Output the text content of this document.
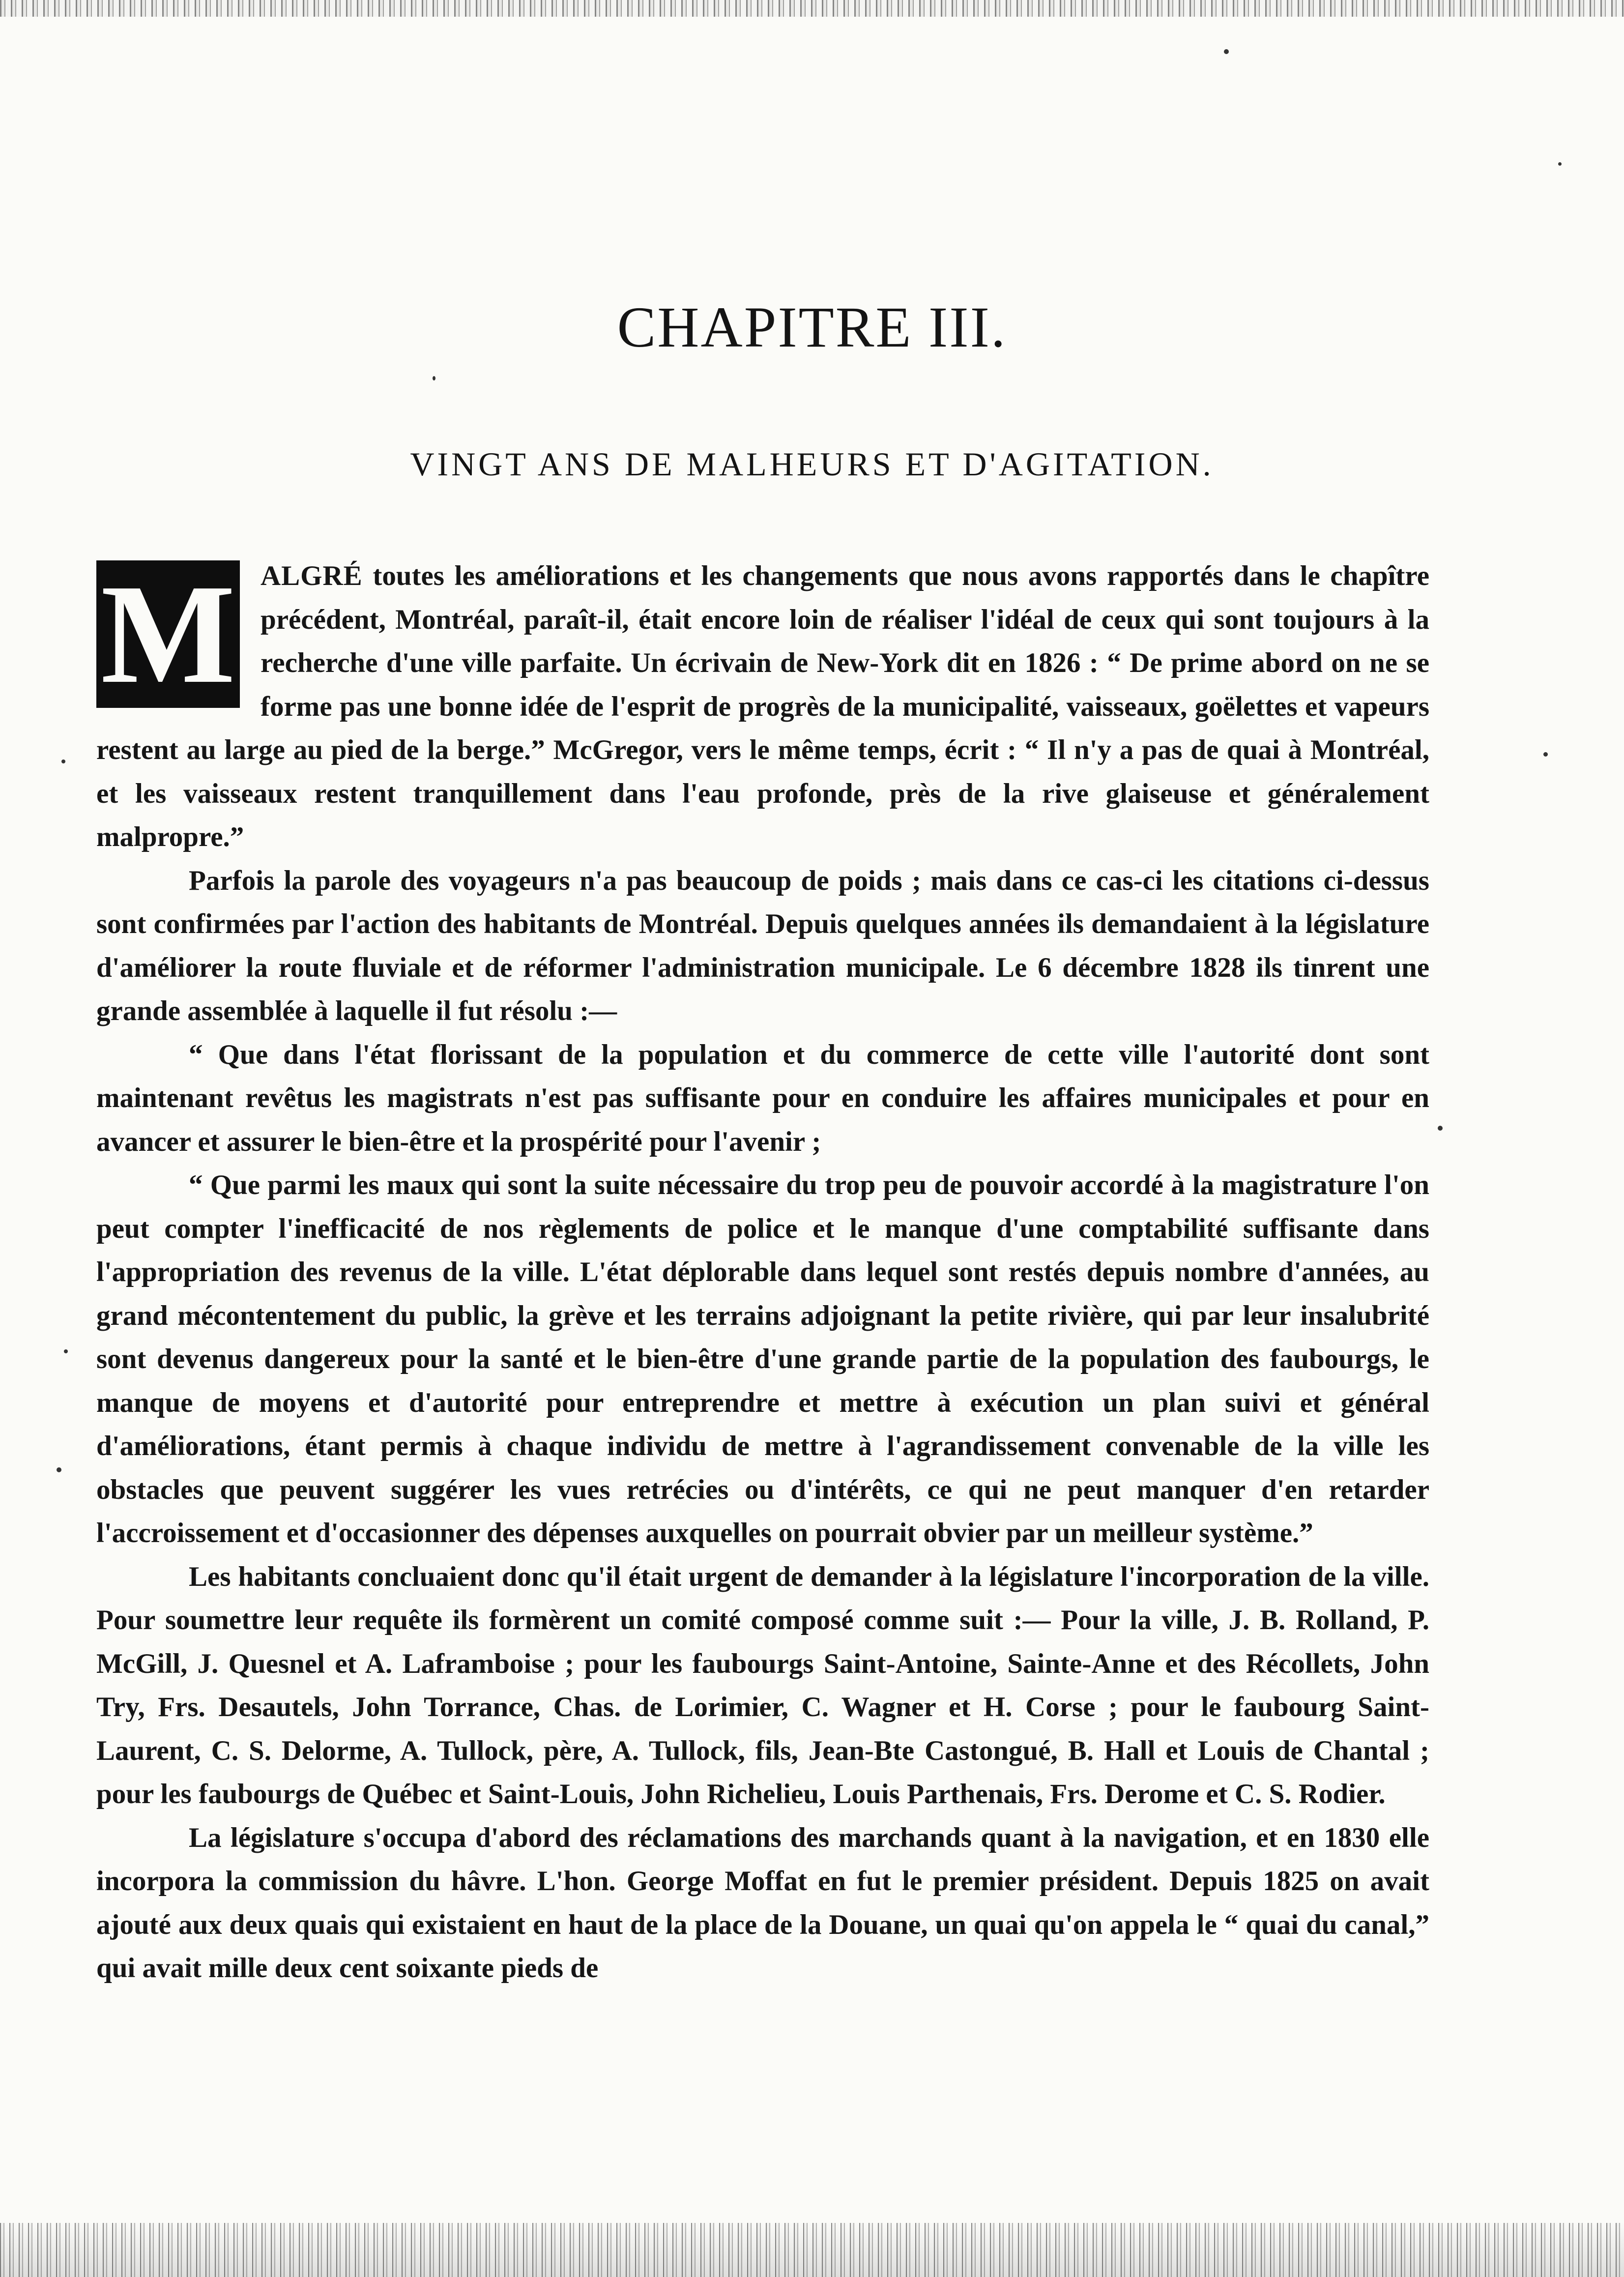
CHAPITRE III.
VINGT ANS DE MALHEURS ET D'AGITATION.

M ALGRÉ toutes les améliorations et les changements que nous avons rapportés dans le chapître précédent, Montréal, paraît-il, était encore loin de réaliser l'idéal de ceux qui sont toujours à la recherche d'une ville parfaite. Un écrivain de New-York dit en 1826 : “ De prime abord on ne se forme pas une bonne idée de l'esprit de progrès de la municipalité, vaisseaux, goëlettes et vapeurs restent au large au pied de la berge.” McGregor, vers le même temps, écrit : “ Il n'y a pas de quai à Montréal, et les vaisseaux restent tranquillement dans l'eau profonde, près de la rive glaiseuse et généralement malpropre.”

Parfois la parole des voyageurs n'a pas beaucoup de poids ; mais dans ce cas-ci les citations ci-dessus sont confirmées par l'action des habitants de Montréal. Depuis quelques années ils demandaient à la législature d'améliorer la route fluviale et de réformer l'administration municipale. Le 6 décembre 1828 ils tinrent une grande assemblée à laquelle il fut résolu :—

“ Que dans l'état florissant de la population et du commerce de cette ville l'autorité dont sont maintenant revêtus les magistrats n'est pas suffisante pour en conduire les affaires municipales et pour en avancer et assurer le bien-être et la prospérité pour l'avenir ;

“ Que parmi les maux qui sont la suite nécessaire du trop peu de pouvoir accordé à la magistrature l'on peut compter l'inefficacité de nos règlements de police et le manque d'une comptabilité suffisante dans l'appropriation des revenus de la ville. L'état déplorable dans lequel sont restés depuis nombre d'années, au grand mécontentement du public, la grève et les terrains adjoignant la petite rivière, qui par leur insalubrité sont devenus dangereux pour la santé et le bien-être d'une grande partie de la population des faubourgs, le manque de moyens et d'autorité pour entreprendre et mettre à exécution un plan suivi et général d'améliorations, étant permis à chaque individu de mettre à l'agrandissement convenable de la ville les obstacles que peuvent suggérer les vues retrécies ou d'intérêts, ce qui ne peut manquer d'en retarder l'accroissement et d'occasionner des dépenses auxquelles on pourrait obvier par un meilleur système.”

Les habitants concluaient donc qu'il était urgent de demander à la législature l'incorporation de la ville. Pour soumettre leur requête ils formèrent un comité composé comme suit :— Pour la ville, J. B. Rolland, P. McGill, J. Quesnel et A. Laframboise ; pour les faubourgs Saint-Antoine, Sainte-Anne et des Récollets, John Try, Frs. Desautels, John Torrance, Chas. de Lorimier, C. Wagner et H. Corse ; pour le faubourg Saint-Laurent, C. S. Delorme, A. Tullock, père, A. Tullock, fils, Jean-Bte Castongué, B. Hall et Louis de Chantal ; pour les faubourgs de Québec et Saint-Louis, John Richelieu, Louis Parthenais, Frs. Derome et C. S. Rodier.

La législature s'occupa d'abord des réclamations des marchands quant à la navigation, et en 1830 elle incorpora la commission du hâvre. L'hon. George Moffat en fut le premier président. Depuis 1825 on avait ajouté aux deux quais qui existaient en haut de la place de la Douane, un quai qu'on appela le “ quai du canal,” qui avait mille deux cent soixante pieds de
